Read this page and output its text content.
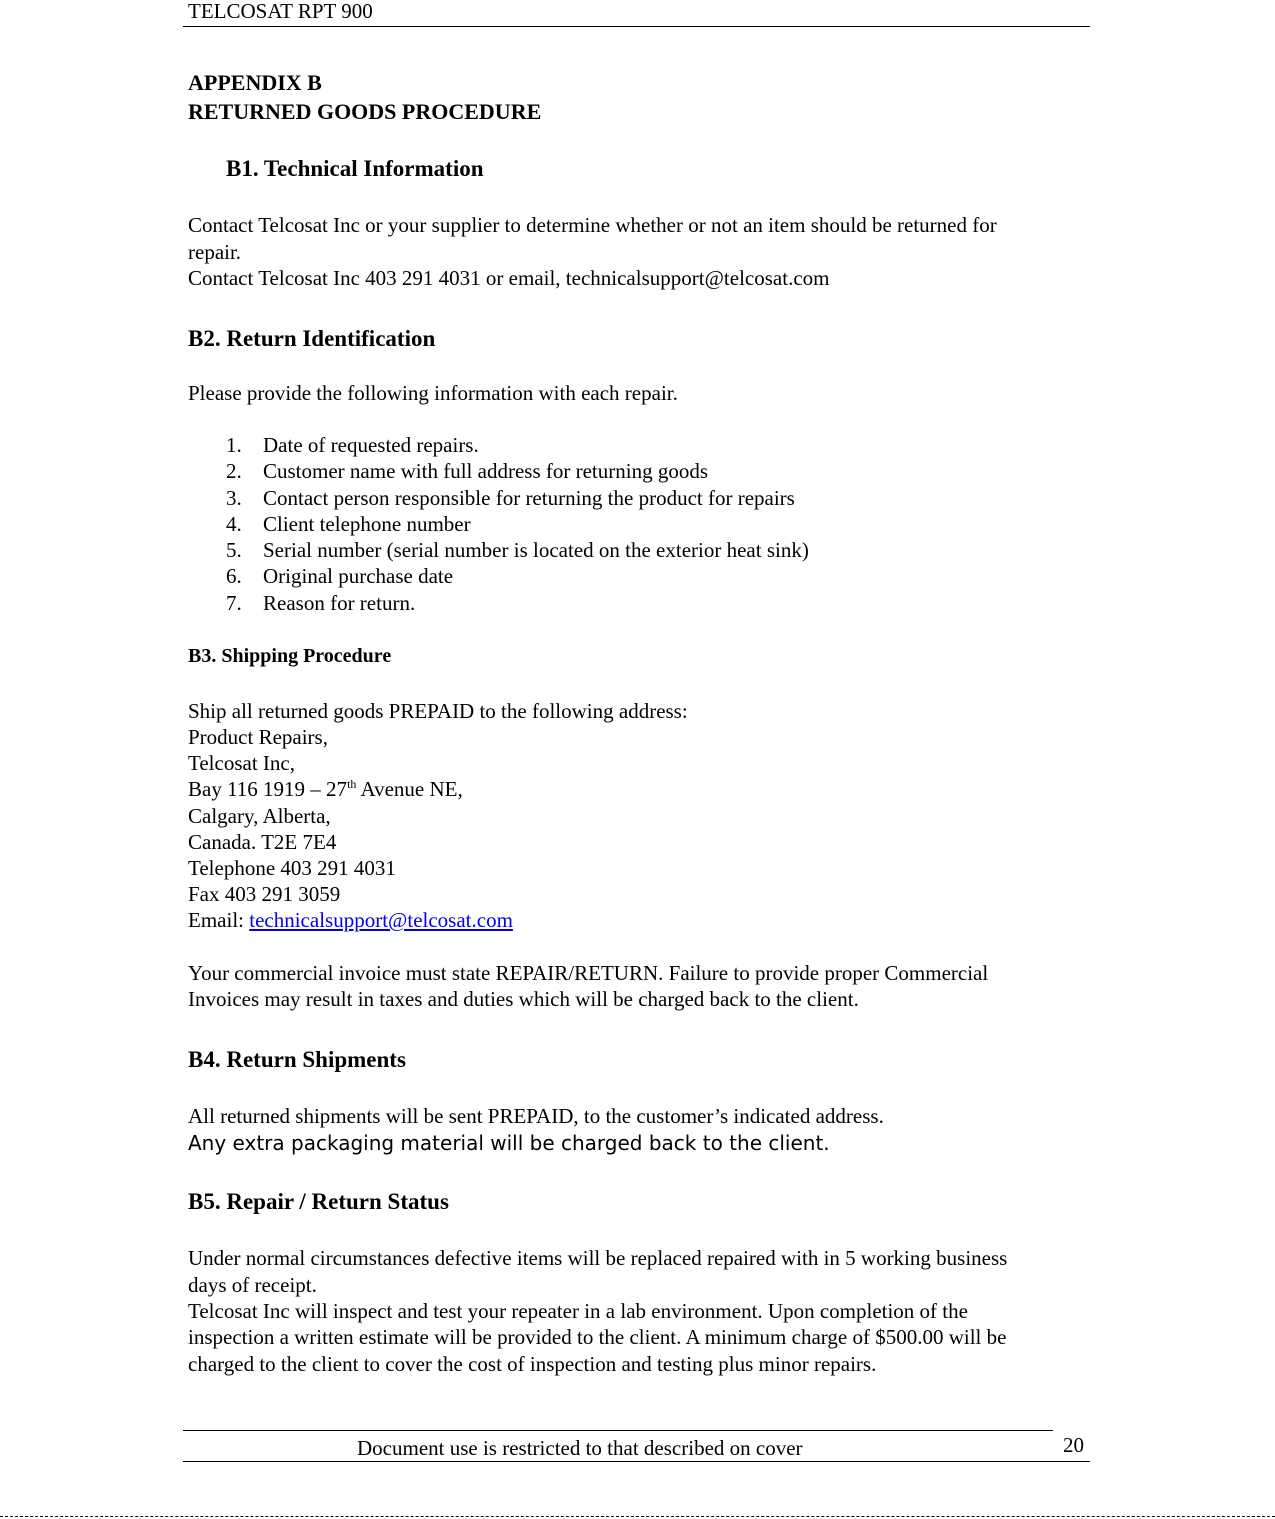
TELCOSAT RPT 900
APPENDIX B
RETURNED GOODS PROCEDURE
B1. Technical Information
Contact Telcosat Inc or your supplier to determine whether or not an item should be returned for
repair.
Contact Telcosat Inc 403 291 4031 or email, technicalsupport@telcosat.com
B2. Return Identification
Please provide the following information with each repair.
1. Date of requested repairs.
2. Customer name with full address for returning goods
3. Contact person responsible for returning the product for repairs
4. Client telephone number
5. Serial number (serial number is located on the exterior heat sink)
6. Original purchase date
7. Reason for return.
B3. Shipping Procedure
Ship all returned goods PREPAID to the following address:
Product Repairs,
Telcosat Inc,
Bay 116 1919 – 27th Avenue NE,
Calgary, Alberta,
Canada. T2E 7E4
Telephone 403 291 4031
Fax 403 291 3059
Email: technicalsupport@telcosat.com
Your commercial invoice must state REPAIR/RETURN. Failure to provide proper Commercial
Invoices may result in taxes and duties which will be charged back to the client.
B4. Return Shipments
All returned shipments will be sent PREPAID, to the customer’s indicated address.
Any extra packaging material will be charged back to the client.
B5. Repair / Return Status
Under normal circumstances defective items will be replaced repaired with in 5 working business
days of receipt.
Telcosat Inc will inspect and test your repeater in a lab environment. Upon completion of the
inspection a written estimate will be provided to the client. A minimum charge of $500.00 will be
charged to the client to cover the cost of inspection and testing plus minor repairs.
Document use is restricted to that described on cover	20
